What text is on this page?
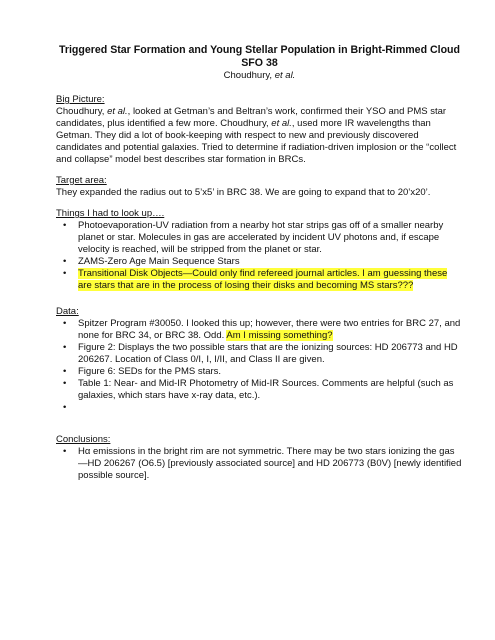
Triggered Star Formation and Young Stellar Population in Bright-Rimmed Cloud
SFO 38

Choudhury, et al.

Big Picture:
Choudhury, et al., looked at Getman’s and Beltran’s work, confirmed their YSO and PMS star candidates, plus identified a few more. Choudhury, et al., used more IR wavelengths than Getman. They did a lot of book-keeping with respect to new and previously discovered candidates and potential galaxies. Tried to determine if radiation-driven implosion or the “collect and collapse” model best describes star formation in BRCs.
Target area:
They expanded the radius out to 5’x5’ in BRC 38. We are going to expand that to 20’x20’.
Things I had to look up….
• Photoevaporation-UV radiation from a nearby hot star strips gas off of a smaller nearby planet or star. Molecules in gas are accelerated by incident UV photons and, if escape velocity is reached, will be stripped from the planet or star.
• ZAMS-Zero Age Main Sequence Stars
• Transitional Disk Objects—Could only find refereed journal articles. I am guessing these are stars that are in the process of losing their disks and becoming MS stars???
Data:
• Spitzer Program #30050. I looked this up; however, there were two entries for BRC 27, and none for BRC 34, or BRC 38. Odd. Am I missing something?
• Figure 2: Displays the two possible stars that are the ionizing sources: HD 206773 and HD 206267. Location of Class 0/I, I, I/II, and Class II are given.
• Figure 6: SEDs for the PMS stars.
• Table 1: Near- and Mid-IR Photometry of Mid-IR Sources. Comments are helpful (such as galaxies, which stars have x-ray data, etc.).
•
Conclusions:
• Hα emissions in the bright rim are not symmetric. There may be two stars ionizing the gas—HD 206267 (O6.5) [previously associated source] and HD 206773 (B0V) [newly identified possible source].
